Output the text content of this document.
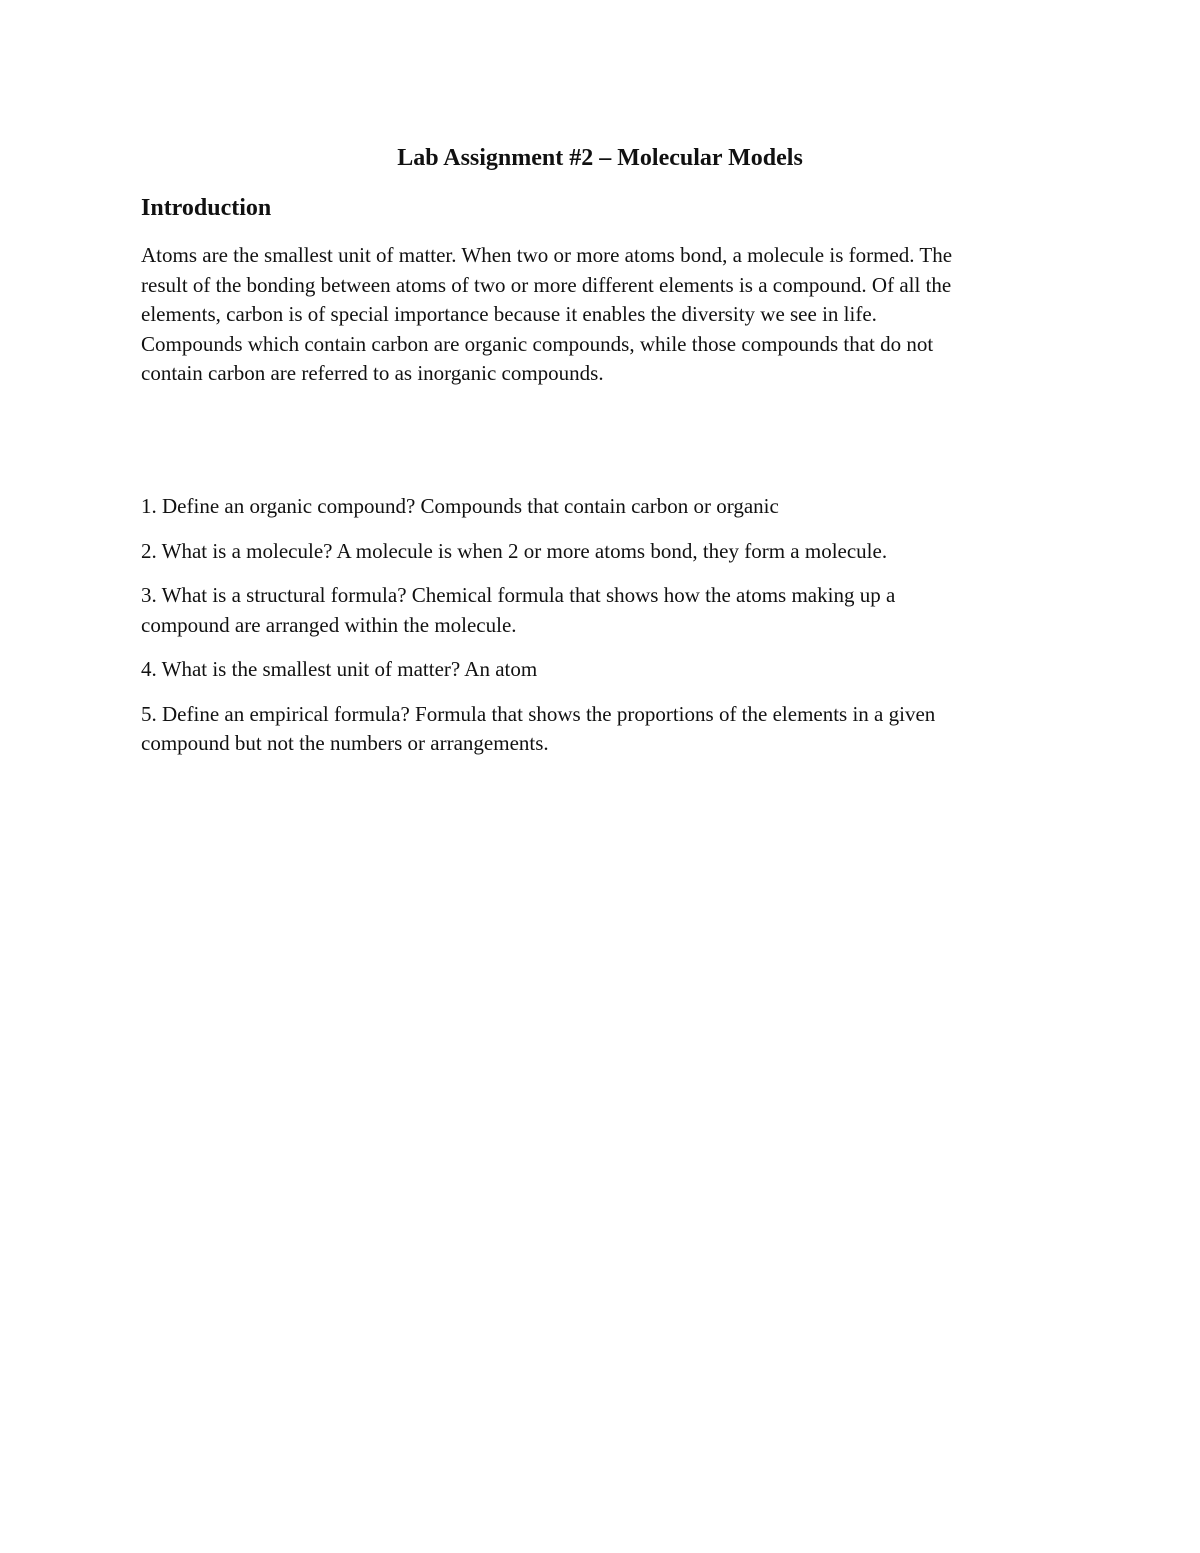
Lab Assignment #2 – Molecular Models
Introduction
Atoms are the smallest unit of matter. When two or more atoms bond, a molecule is formed. The
result of the bonding between atoms of two or more different elements is a compound. Of all the
elements, carbon is of special importance because it enables the diversity we see in life.
Compounds which contain carbon are organic compounds, while those compounds that do not
contain carbon are referred to as inorganic compounds.
1. Define an organic compound? Compounds that contain carbon or organic
2. What is a molecule? A molecule is when 2 or more atoms bond, they form a molecule.
3. What is a structural formula? Chemical formula that shows how the atoms making up a
compound are arranged within the molecule.
4. What is the smallest unit of matter? An atom
5. Define an empirical formula? Formula that shows the proportions of the elements in a given
compound but not the numbers or arrangements.
